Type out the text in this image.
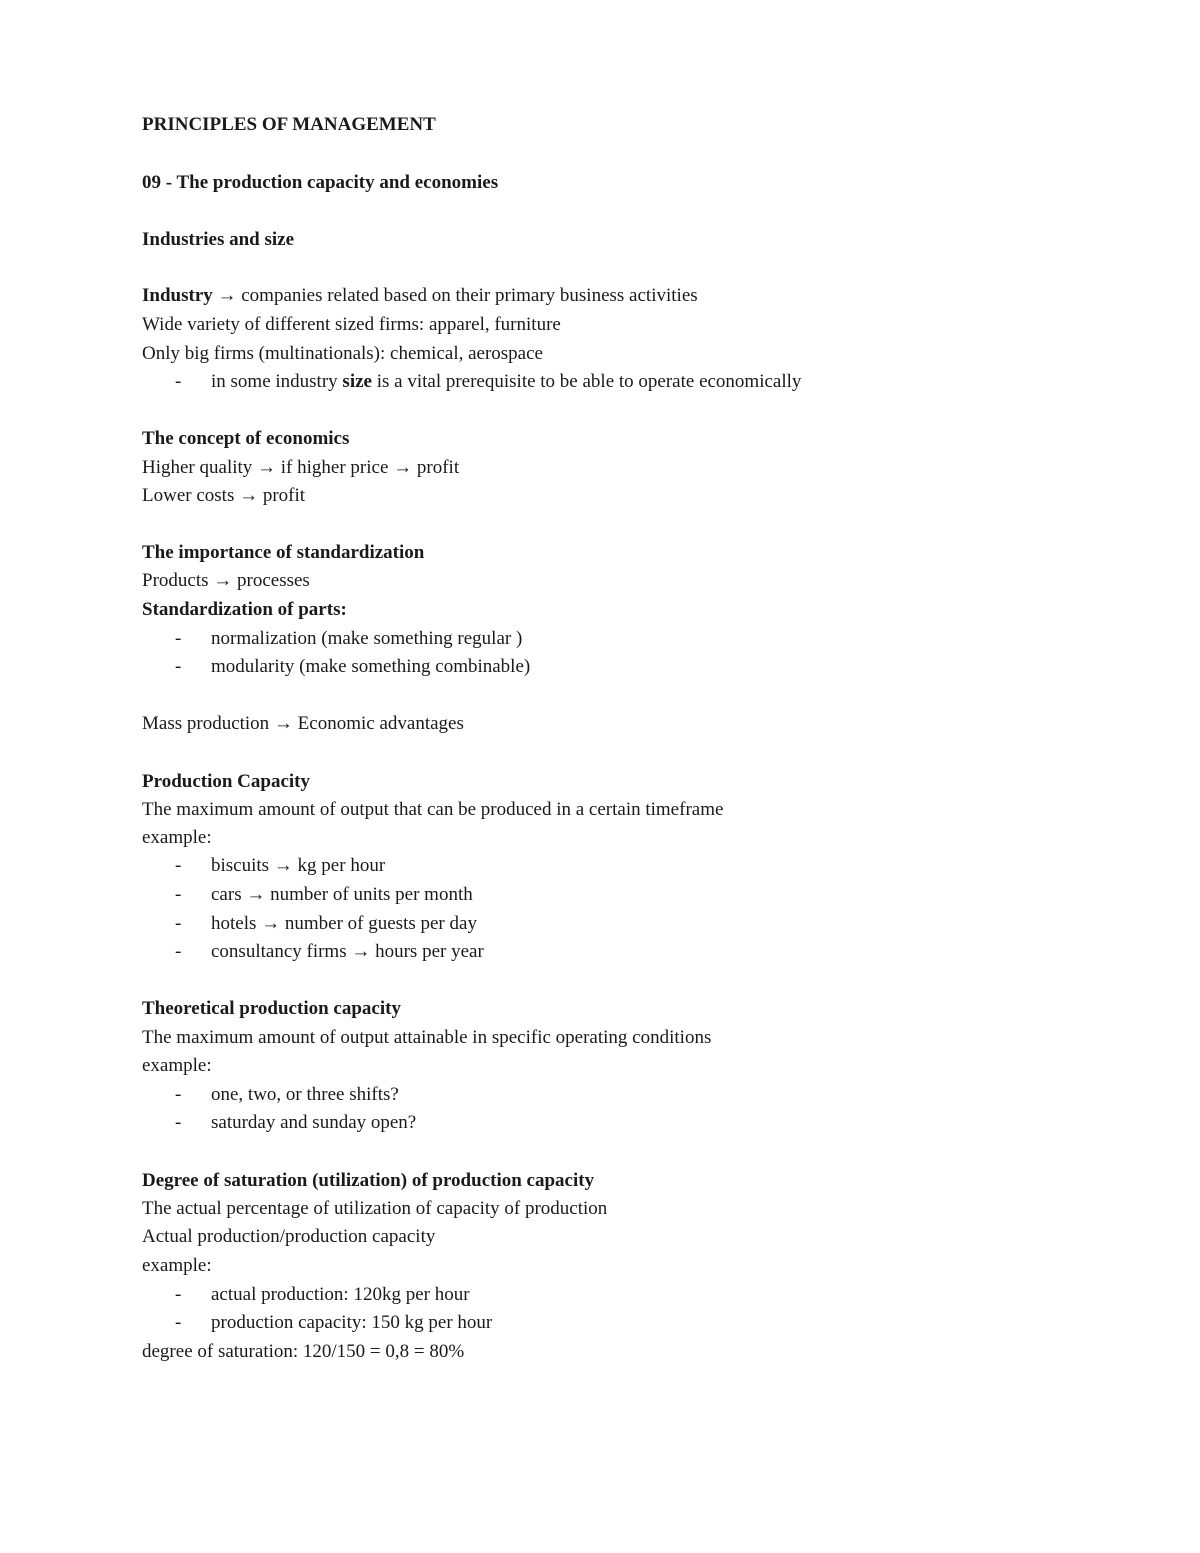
PRINCIPLES OF MANAGEMENT
09 - The production capacity and economies
Industries and size
Industry → companies related based on their primary business activities
Wide variety of different sized firms: apparel, furniture
Only big firms (multinationals): chemical, aerospace
- in some industry size is a vital prerequisite to be able to operate economically
The concept of economics
Higher quality → if higher price → profit
Lower costs → profit
The importance of standardization
Products → processes
Standardization of parts:
- normalization (make something regular )
- modularity (make something combinable)
Mass production → Economic advantages
Production Capacity
The maximum amount of output that can be produced in a certain timeframe
example:
- biscuits → kg per hour
- cars → number of units per month
- hotels → number of guests per day
- consultancy firms → hours per year
Theoretical production capacity
The maximum amount of output attainable in specific operating conditions
example:
- one, two, or three shifts?
- saturday and sunday open?
Degree of saturation (utilization) of production capacity
The actual percentage of utilization of capacity of production
Actual production/production capacity
example:
- actual production: 120kg per hour
- production capacity: 150 kg per hour
degree of saturation: 120/150 = 0,8 = 80%
